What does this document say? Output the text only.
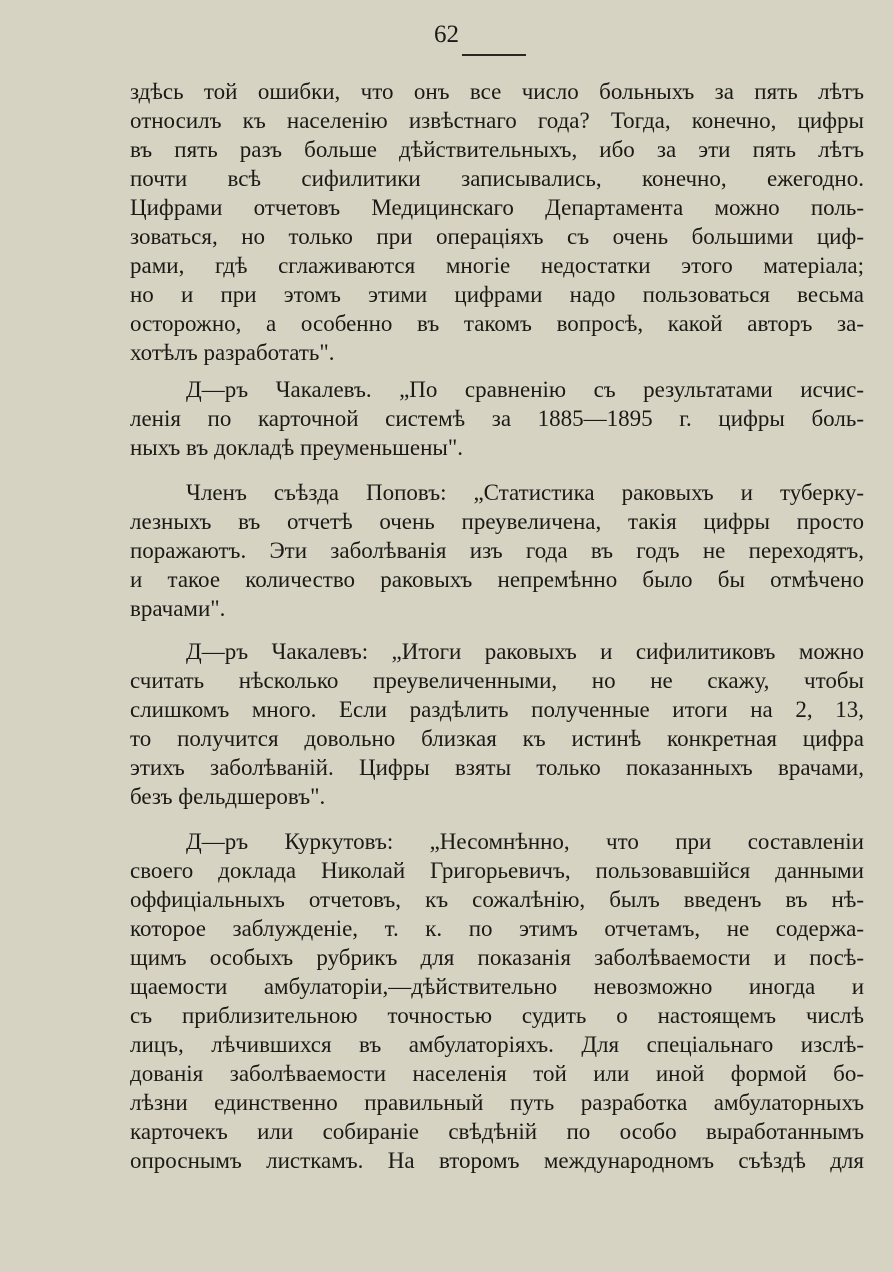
62
здѣсь той ошибки, что онъ все число больныхъ за пять лѣтъ
относилъ къ населенію извѣстнаго года? Тогда, конечно, цифры
въ пять разъ больше дѣйствительныхъ, ибо за эти пять лѣтъ
почти всѣ сифилитики записывались, конечно, ежегодно.
Цифрами отчетовъ Медицинскаго Департамента можно поль-
зоваться, но только при операціяхъ съ очень большими циф-
рами, гдѣ сглаживаются многіе недостатки этого матеріала;
но и при этомъ этими цифрами надо пользоваться весьма
осторожно, а особенно въ такомъ вопросѣ, какой авторъ за-
хотѣлъ разработать".
Д—ръ Чакалевъ. „По сравненію съ результатами исчис-
ленія по карточной системѣ за 1885—1895 г. цифры боль-
ныхъ въ докладѣ преуменьшены".
Членъ съѣзда Поповъ: „Статистика раковыхъ и туберку-
лезныхъ въ отчетѣ очень преувеличена, такія цифры просто
поражаютъ. Эти заболѣванія изъ года въ годъ не переходятъ,
и такое количество раковыхъ непремѣнно было бы отмѣчено
врачами".
Д—ръ Чакалевъ: „Итоги раковыхъ и сифилитиковъ можно
считать нѣсколько преувеличенными, но не скажу, чтобы
слишкомъ много. Если раздѣлить полученные итоги на 2, 13,
то получится довольно близкая къ истинѣ конкретная цифра
этихъ заболѣваній. Цифры взяты только показанныхъ врачами,
безъ фельдшеровъ".
Д—ръ Куркутовъ: „Несомнѣнно, что при составленіи
своего доклада Николай Григорьевичъ, пользовавшійся данными
оффиціальныхъ отчетовъ, къ сожалѣнію, былъ введенъ въ нѣ-
которое заблужденіе, т. к. по этимъ отчетамъ, не содержа-
щимъ особыхъ рубрикъ для показанія заболѣваемости и посѣ-
щаемости амбулаторіи,—дѣйствительно невозможно иногда и
съ приблизительною точностью судить о настоящемъ числѣ
лицъ, лѣчившихся въ амбулаторіяхъ. Для спеціальнаго изслѣ-
дованія заболѣваемости населенія той или иной формой бо-
лѣзни единственно правильный путь разработка амбулаторныхъ
карточекъ или собираніе свѣдѣній по особо выработаннымъ
опроснымъ листкамъ. На второмъ международномъ съѣздѣ для
